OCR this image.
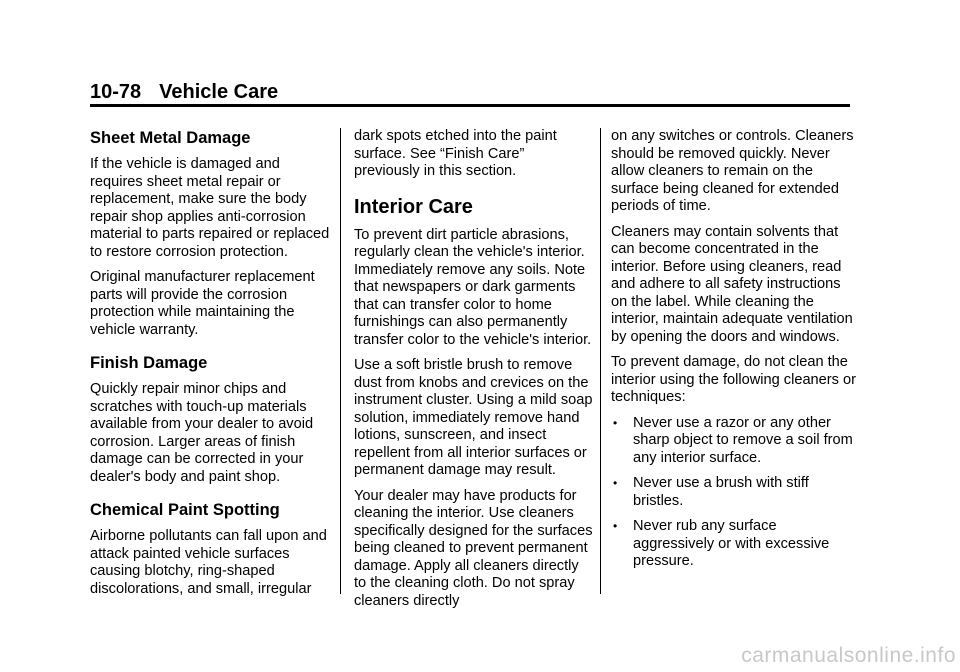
10-78 Vehicle Care
Sheet Metal Damage

If the vehicle is damaged and requires sheet metal repair or replacement, make sure the body repair shop applies anti-corrosion material to parts repaired or replaced to restore corrosion protection.

Original manufacturer replacement parts will provide the corrosion protection while maintaining the vehicle warranty.

Finish Damage

Quickly repair minor chips and scratches with touch-up materials available from your dealer to avoid corrosion. Larger areas of finish damage can be corrected in your dealer's body and paint shop.

Chemical Paint Spotting

Airborne pollutants can fall upon and attack painted vehicle surfaces causing blotchy, ring-shaped discolorations, and small, irregular

dark spots etched into the paint surface. See “Finish Care” previously in this section.

Interior Care

To prevent dirt particle abrasions, regularly clean the vehicle's interior. Immediately remove any soils. Note that newspapers or dark garments that can transfer color to home furnishings can also permanently transfer color to the vehicle's interior.

Use a soft bristle brush to remove dust from knobs and crevices on the instrument cluster. Using a mild soap solution, immediately remove hand lotions, sunscreen, and insect repellent from all interior surfaces or permanent damage may result.

Your dealer may have products for cleaning the interior. Use cleaners specifically designed for the surfaces being cleaned to prevent permanent damage. Apply all cleaners directly to the cleaning cloth. Do not spray cleaners directly

on any switches or controls. Cleaners should be removed quickly. Never allow cleaners to remain on the surface being cleaned for extended periods of time.

Cleaners may contain solvents that can become concentrated in the interior. Before using cleaners, read and adhere to all safety instructions on the label. While cleaning the interior, maintain adequate ventilation by opening the doors and windows.

To prevent damage, do not clean the interior using the following cleaners or techniques:

• Never use a razor or any other sharp object to remove a soil from any interior surface.
• Never use a brush with stiff bristles.
• Never rub any surface aggressively or with excessive pressure.
carmanualsonline.info
